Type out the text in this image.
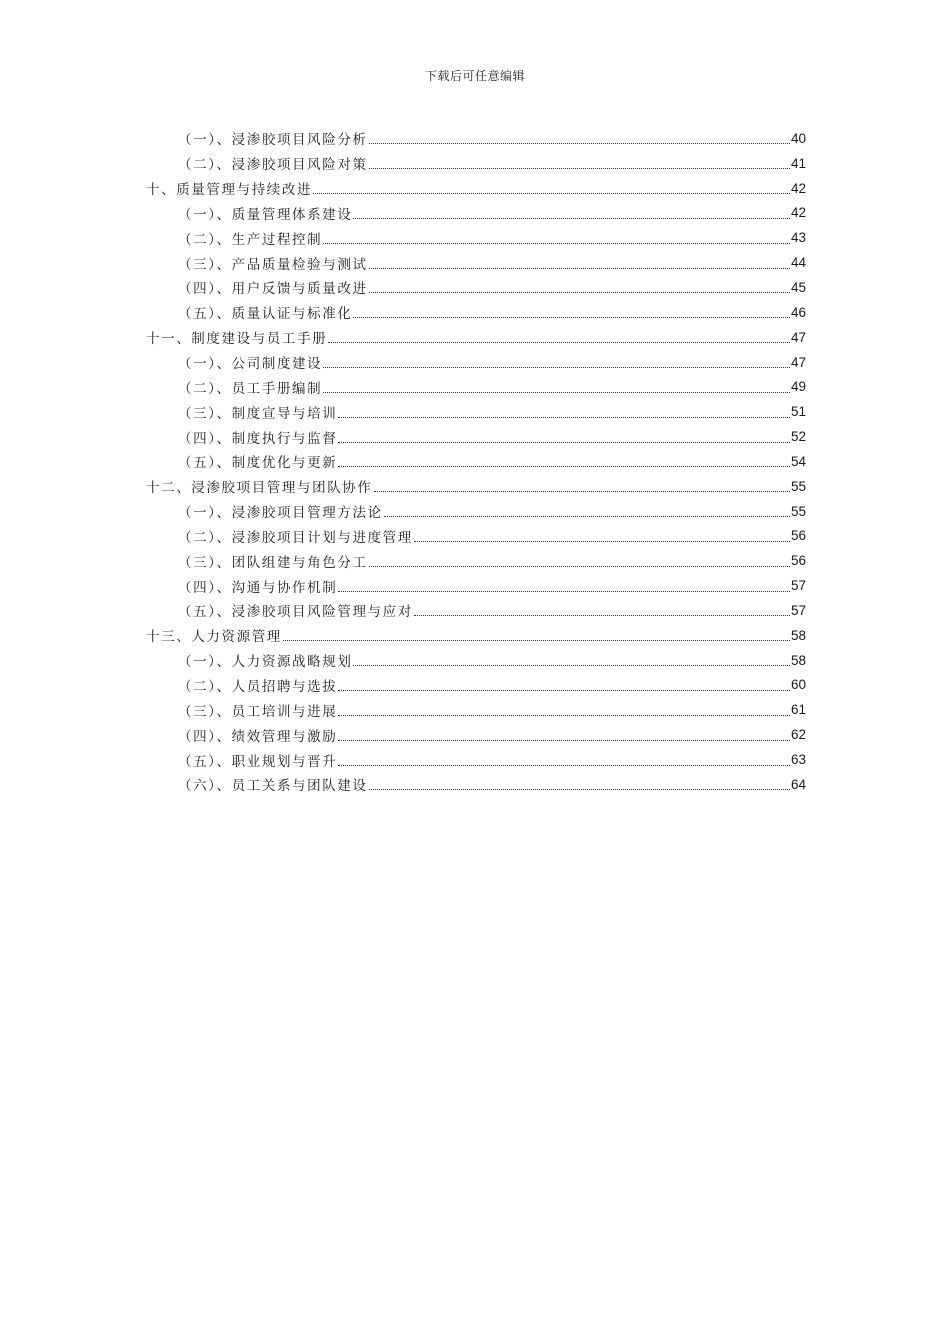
下载后可任意编辑
（一）、浸渗胶项目风险分析	40
（二）、浸渗胶项目风险对策	41
十、质量管理与持续改进	42
（一）、质量管理体系建设	42
（二）、生产过程控制	43
（三）、产品质量检验与测试	44
（四）、用户反馈与质量改进	45
（五）、质量认证与标准化	46
十一、制度建设与员工手册	47
（一）、公司制度建设	47
（二）、员工手册编制	49
（三）、制度宣导与培训	51
（四）、制度执行与监督	52
（五）、制度优化与更新	54
十二、浸渗胶项目管理与团队协作	55
（一）、浸渗胶项目管理方法论	55
（二）、浸渗胶项目计划与进度管理	56
（三）、团队组建与角色分工	56
（四）、沟通与协作机制	57
（五）、浸渗胶项目风险管理与应对	57
十三、人力资源管理	58
（一）、人力资源战略规划	58
（二）、人员招聘与选拔	60
（三）、员工培训与进展	61
（四）、绩效管理与激励	62
（五）、职业规划与晋升	63
（六）、员工关系与团队建设	64
